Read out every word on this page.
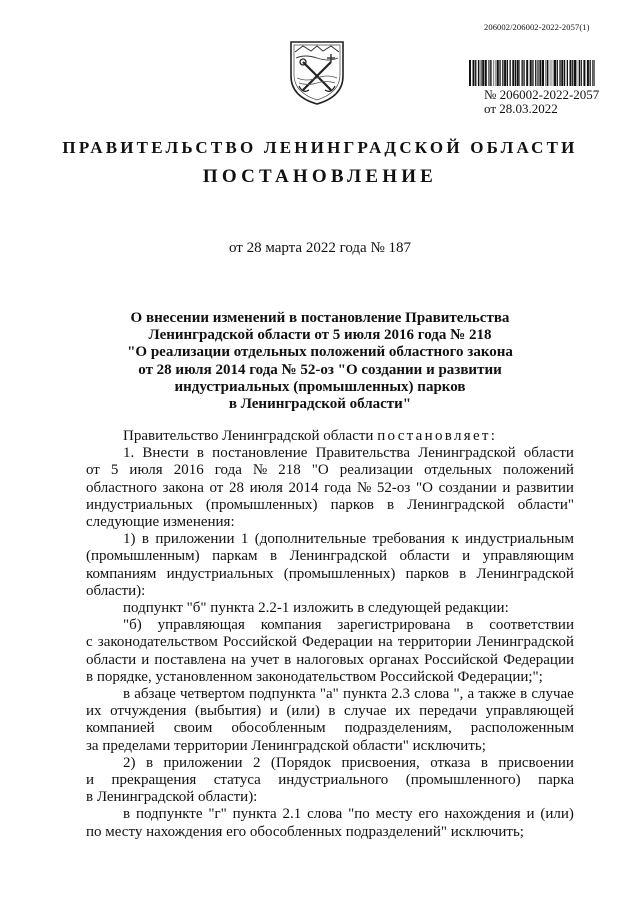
206002/206002-2022-2057(1)
№ 206002-2022-2057
от 28.03.2022
ПРАВИТЕЛЬСТВО ЛЕНИНГРАДСКОЙ ОБЛАСТИ
ПОСТАНОВЛЕНИЕ
от 28 марта 2022 года № 187
О внесении изменений в постановление Правительства
Ленинградской области от 5 июля 2016 года № 218
"О реализации отдельных положений областного закона
от 28 июля 2014 года № 52-оз "О создании и развитии
индустриальных (промышленных) парков
в Ленинградской области"
Правительство Ленинградской области постановляет:
1. Внести в постановление Правительства Ленинградской области
от 5 июля 2016 года № 218 "О реализации отдельных положений
областного закона от 28 июля 2014 года № 52-оз "О создании и развитии
индустриальных (промышленных) парков в Ленинградской области"
следующие изменения:
1) в приложении 1 (дополнительные требования к индустриальным
(промышленным) паркам в Ленинградской области и управляющим
компаниям индустриальных (промышленных) парков в Ленинградской
области):
подпункт "б" пункта 2.2-1 изложить в следующей редакции:
"б) управляющая компания зарегистрирована в соответствии
с законодательством Российской Федерации на территории Ленинградской
области и поставлена на учет в налоговых органах Российской Федерации
в порядке, установленном законодательством Российской Федерации;";
в абзаце четвертом подпункта "а" пункта 2.3 слова ", а также в случае
их отчуждения (выбытия) и (или) в случае их передачи управляющей
компанией своим обособленным подразделениям, расположенным
за пределами территории Ленинградской области" исключить;
2) в приложении 2 (Порядок присвоения, отказа в присвоении
и прекращения статуса индустриального (промышленного) парка
в Ленинградской области):
в подпункте "г" пункта 2.1 слова "по месту его нахождения и (или)
по месту нахождения его обособленных подразделений" исключить;
